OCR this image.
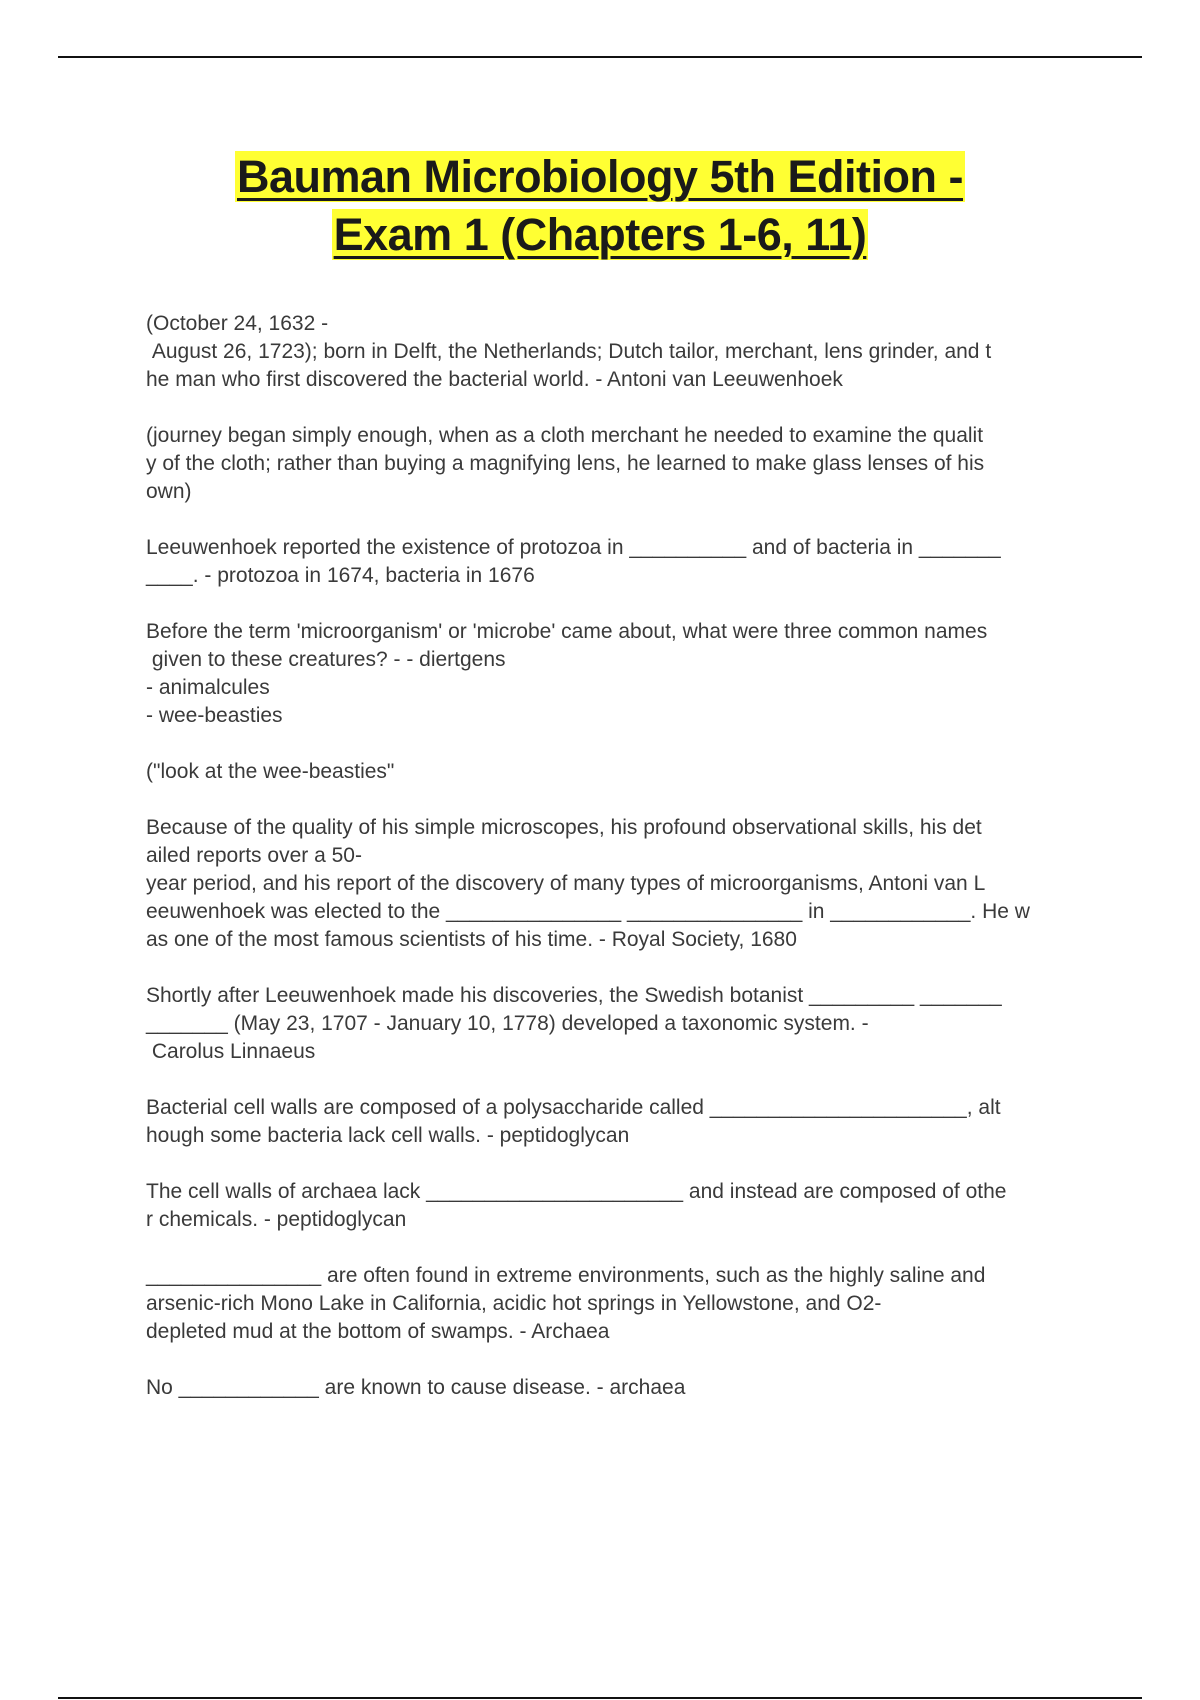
Bauman Microbiology 5th Edition -
Exam 1 (Chapters 1-6, 11)

(October 24, 1632 -
August 26, 1723); born in Delft, the Netherlands; Dutch tailor, merchant, lens grinder, and t
he man who first discovered the bacterial world. - Antoni van Leeuwenhoek

(journey began simply enough, when as a cloth merchant he needed to examine the qualit
y of the cloth; rather than buying a magnifying lens, he learned to make glass lenses of his
own)

Leeuwenhoek reported the existence of protozoa in __________ and of bacteria in _______
____. - protozoa in 1674, bacteria in 1676

Before the term 'microorganism' or 'microbe' came about, what were three common names
given to these creatures? - - diertgens
- animalcules
- wee-beasties

("look at the wee-beasties"

Because of the quality of his simple microscopes, his profound observational skills, his det
ailed reports over a 50-
year period, and his report of the discovery of many types of microorganisms, Antoni van L
eeuwenhoek was elected to the _______________ _______________ in ____________. He w
as one of the most famous scientists of his time. - Royal Society, 1680

Shortly after Leeuwenhoek made his discoveries, the Swedish botanist _________ _______
_______ (May 23, 1707 - January 10, 1778) developed a taxonomic system. -
Carolus Linnaeus

Bacterial cell walls are composed of a polysaccharide called ______________________, alt
hough some bacteria lack cell walls. - peptidoglycan

The cell walls of archaea lack ______________________ and instead are composed of othe
r chemicals. - peptidoglycan

_______________ are often found in extreme environments, such as the highly saline and
arsenic-rich Mono Lake in California, acidic hot springs in Yellowstone, and O2-
depleted mud at the bottom of swamps. - Archaea

No ____________ are known to cause disease. - archaea
